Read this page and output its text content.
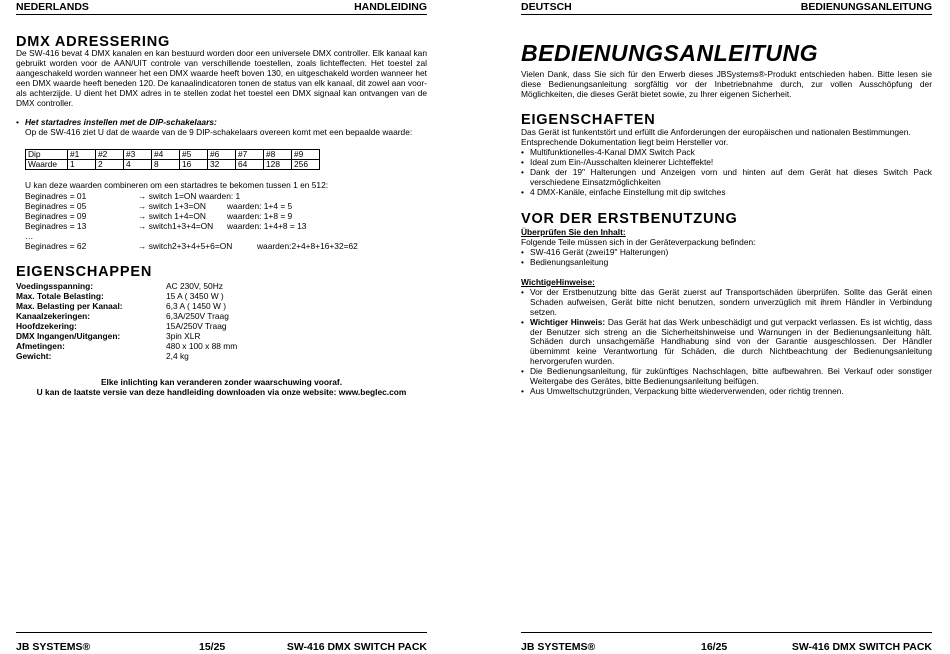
NEDERLANDS	HANDLEIDING
DMX ADRESSERING
De SW-416 bevat 4 DMX kanalen en kan bestuurd worden door een universele DMX controller. Elk kanaal kan gebruikt worden voor de AAN/UIT controle van verschillende toestellen, zoals lichteffecten. Het toestel zal aangeschakeld worden wanneer het een DMX waarde heeft boven 130, en uitgeschakeld worden wanneer het een DMX waarde heeft beneden 120. De kanaalindicatoren tonen de status van elk kanaal, dit zowel aan voor- als achterzijde. U dient het DMX adres in te stellen zodat het toestel een DMX signaal kan ontvangen van de DMX controller.
• Het startadres instellen met de DIP-schakelaars:
Op de SW-416 ziet U dat de waarde van de 9 DIP-schakelaars overeen komt met een bepaalde waarde:
Dip	#1	#2	#3	#4	#5	#6	#7	#8	#9
Waarde	1	2	4	8	16	32	64	128	256
U kan deze waarden combineren om een startadres te bekomen tussen 1 en 512:
Beginadres = 01	→ switch 1=ON waarden: 1
Beginadres = 05	→ switch 1+3=ON	waarden: 1+4 = 5
Beginadres = 09	→ switch 1+4=ON	waarden: 1+8 = 9
Beginadres = 13	→ switch1+3+4=ON waarden: 1+4+8 = 13
…
Beginadres = 62	→ switch2+3+4+5+6=ON	waarden:2+4+8+16+32=62
EIGENSCHAPPEN
Voedingsspanning:	AC 230V, 50Hz
Max. Totale Belasting:	15 A ( 3450 W )
Max. Belasting per Kanaal:	6,3 A ( 1450 W )
Kanaalzekeringen:	6,3A/250V Traag
Hoofdzekering:	15A/250V Traag
DMX Ingangen/Uitgangen:	3pin XLR
Afmetingen:	480 x 100 x 88 mm
Gewicht:	2,4 kg
Elke inlichting kan veranderen zonder waarschuwing vooraf.
U kan de laatste versie van deze handleiding downloaden via onze website: www.beglec.com
JB SYSTEMS®	15/25	SW-416 DMX SWITCH PACK
DEUTSCH	BEDIENUNGSANLEITUNG
BEDIENUNGSANLEITUNG
Vielen Dank, dass Sie sich für den Erwerb dieses JBSystems®-Produkt entschieden haben. Bitte lesen sie diese Bedienungsanleitung sorgfältig vor der Inbetriebnahme durch, zur vollen Ausschöpfung der Möglichkeiten, die dieses Gerät bietet sowie, zu Ihrer eigenen Sicherheit.
EIGENSCHAFTEN
Das Gerät ist funkentstört und erfüllt die Anforderungen der europäischen und nationalen Bestimmungen. Entsprechende Dokumentation liegt beim Hersteller vor.
• Multifunktionelles-4-Kanal DMX Switch Pack
• Ideal zum Ein-/Ausschalten kleinerer Lichteffekte!
• Dank der 19" Halterungen und Anzeigen vorn und hinten auf dem Gerät hat dieses Switch Pack verschiedene Einsatzmöglichkeiten
• 4 DMX-Kanäle, einfache Einstellung mit dip switches
VOR DER ERSTBENUTZUNG
Überprüfen Sie den Inhalt:
Folgende Teile müssen sich in der Geräteverpackung befinden:
• SW-416 Gerät (zwei19" Halterungen)
• Bedienungsanleitung
WichtigeHinweise:
• Vor der Erstbenutzung bitte das Gerät zuerst auf Transportschäden überprüfen. Sollte das Gerät einen Schaden aufweisen, Gerät bitte nicht benutzen, sondern unverzüglich mit ihrem Händler in Verbindung setzen.
• Wichtiger Hinweis: Das Gerät hat das Werk unbeschädigt und gut verpackt verlassen. Es ist wichtig, dass der Benutzer sich streng an die Sicherheitshinweise und Warnungen in der Bedienungsanleitung hält. Schäden durch unsachgemäße Handhabung sind von der Garantie ausgeschlossen. Der Händler übernimmt keine Verantwortung für Schäden, die durch Nichtbeachtung der Bedienungsanleitung hervorgerufen wurden.
• Die Bedienungsanleitung, für zukünftiges Nachschlagen, bitte aufbewahren. Bei Verkauf oder sonstiger Weitergabe des Gerätes, bitte Bedienungsanleitung beifügen.
• Aus Umweltschutzgründen, Verpackung bitte wiederverwenden, oder richtig trennen.
JB SYSTEMS®	16/25	SW-416 DMX SWITCH PACK
